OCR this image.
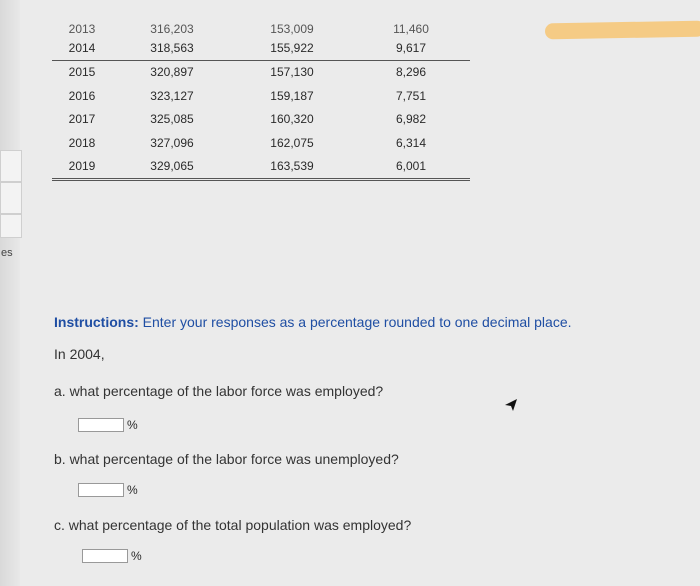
es
2013	316,203	153,009	11,460
2014	318,563	155,922	9,617
2015	320,897	157,130	8,296
2016	323,127	159,187	7,751
2017	325,085	160,320	6,982
2018	327,096	162,075	6,314
2019	329,065	163,539	6,001
Instructions: Enter your responses as a percentage rounded to one decimal place.
In 2004,
a. what percentage of the labor force was employed?
%
b. what percentage of the labor force was unemployed?
%
c. what percentage of the total population was employed?
%
